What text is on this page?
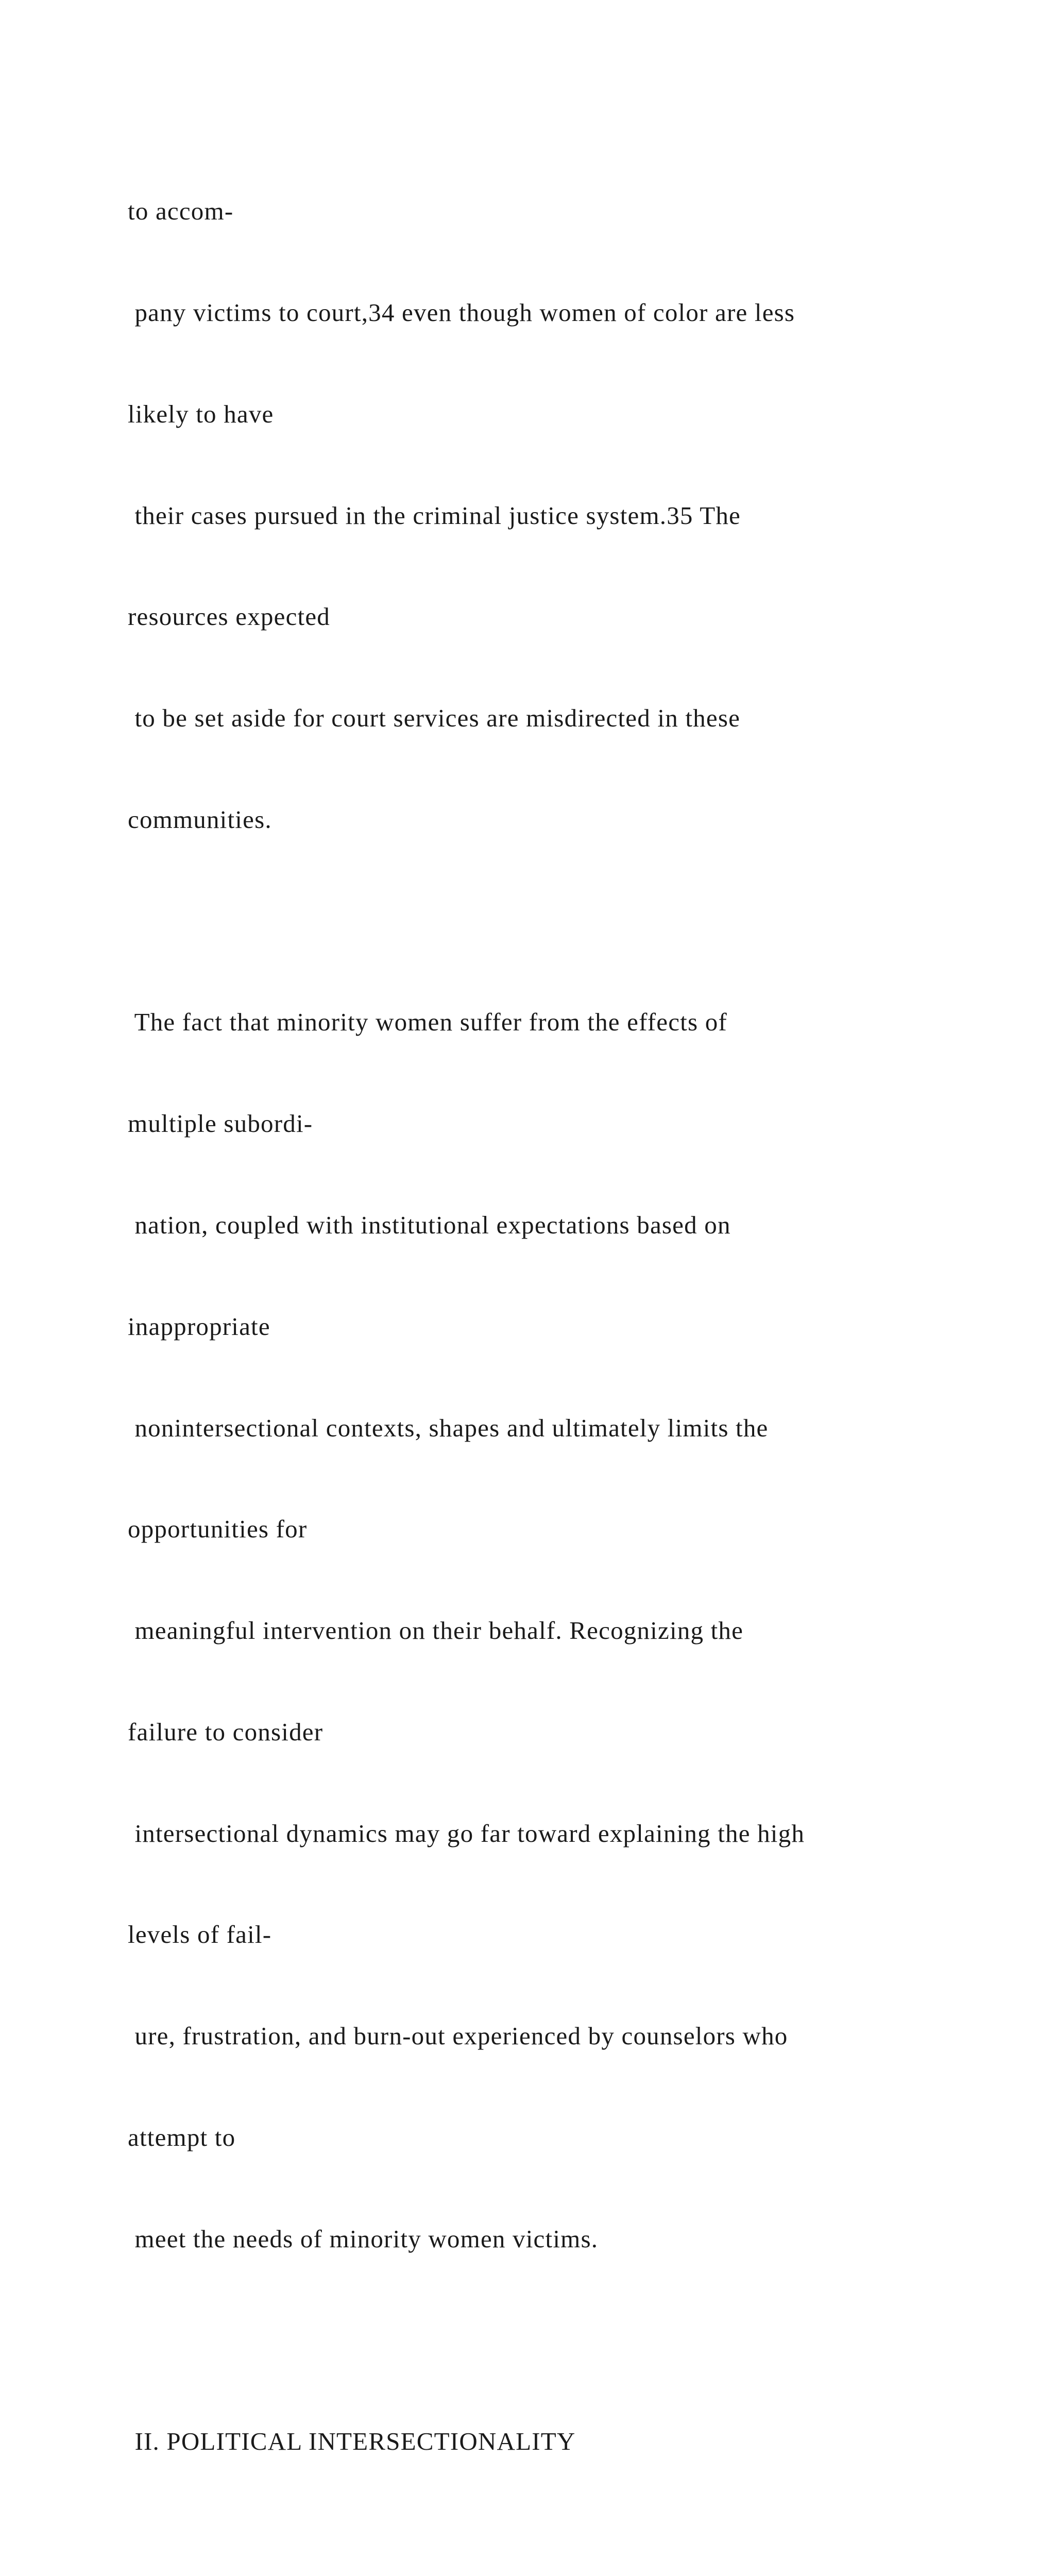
to accom-

pany victims to court,34 even though women of color are less

likely to have

their cases pursued in the criminal justice system.35 The

resources expected

to be set aside for court services are misdirected in these

communities.

The fact that minority women suffer from the effects of

multiple subordi-

nation, coupled with institutional expectations based on

inappropriate

nonintersectional contexts, shapes and ultimately limits the

opportunities for

meaningful intervention on their behalf. Recognizing the

failure to consider

intersectional dynamics may go far toward explaining the high

levels of fail-

ure, frustration, and burn-out experienced by counselors who

attempt to

meet the needs of minority women victims.

II. POLITICAL INTERSECTIONALITY
